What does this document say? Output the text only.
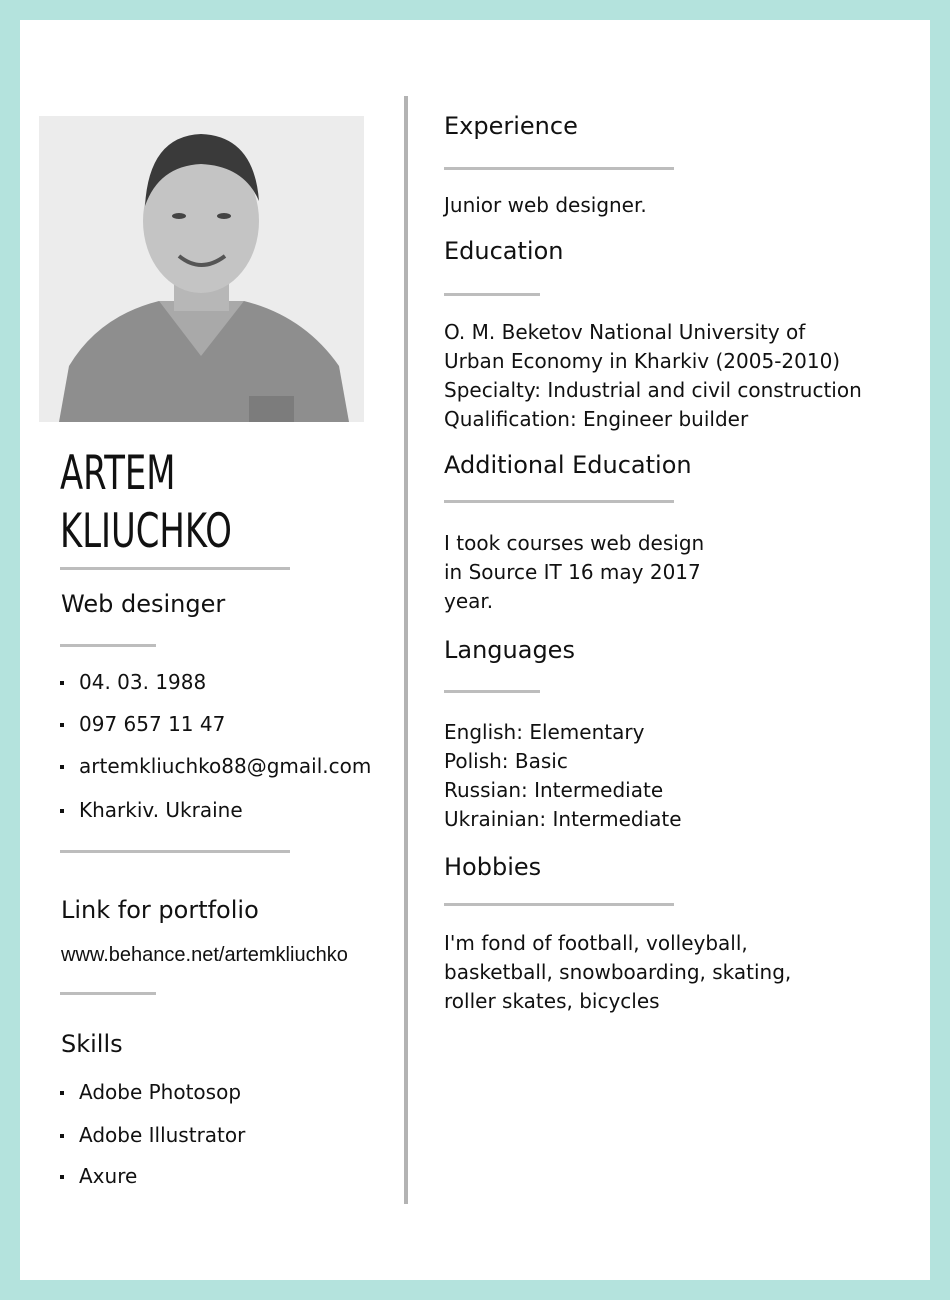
ARTEM
KLIUCHKO
Web desinger
04. 03. 1988
097 657 11 47
artemkliuchko88@gmail.com
Kharkiv. Ukraine
Link for portfolio
www.behance.net/artemkliuchko
Skills
Adobe Photosop
Adobe Illustrator
Axure
Experience
Junior web designer.
Education
O. M. Beketov National University of
Urban Economy in Kharkiv (2005-2010)
Specialty: Industrial and civil construction
Qualification: Engineer builder
Additional Education
I took courses web design
in Source IT 16 may 2017
year.
Languages
English: Elementary
Polish: Basic
Russian: Intermediate
Ukrainian: Intermediate
Hobbies
I'm fond of football, volleyball,
basketball, snowboarding, skating,
roller skates, bicycles
